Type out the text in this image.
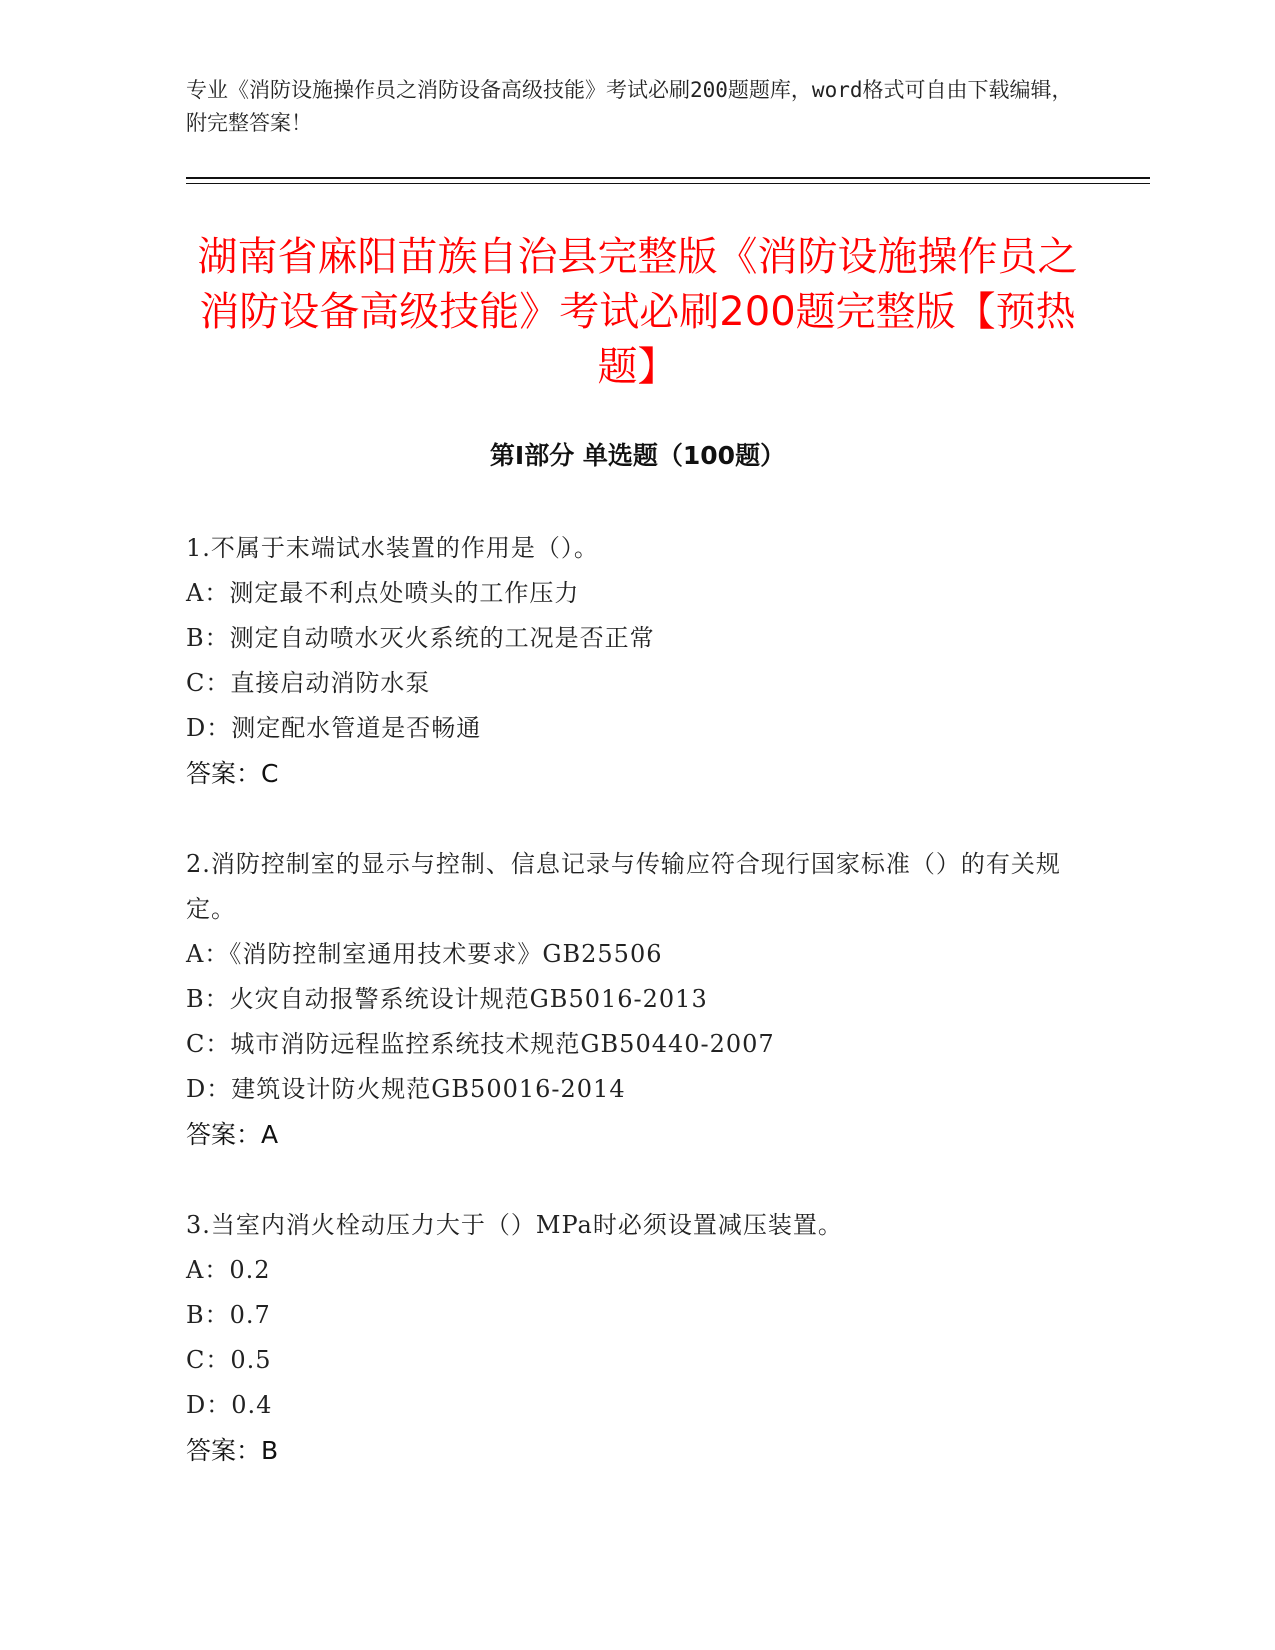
专业《消防设施操作员之消防设备高级技能》考试必刷200题题库，word格式可自由下载编辑，附完整答案！
湖南省麻阳苗族自治县完整版《消防设施操作员之消防设备高级技能》考试必刷200题完整版【预热题】
第Ⅰ部分 单选题（100题）
1.不属于末端试水装置的作用是（）。
A：测定最不利点处喷头的工作压力
B：测定自动喷水灭火系统的工况是否正常
C：直接启动消防水泵
D：测定配水管道是否畅通
答案：C
2.消防控制室的显示与控制、信息记录与传输应符合现行国家标准（）的有关规定。
A：《消防控制室通用技术要求》GB25506
B：火灾自动报警系统设计规范GB5016-2013
C：城市消防远程监控系统技术规范GB50440-2007
D：建筑设计防火规范GB50016-2014
答案：A
3.当室内消火栓动压力大于（）MPa时必须设置减压装置。
A：0.2
B：0.7
C：0.5
D：0.4
答案：B
